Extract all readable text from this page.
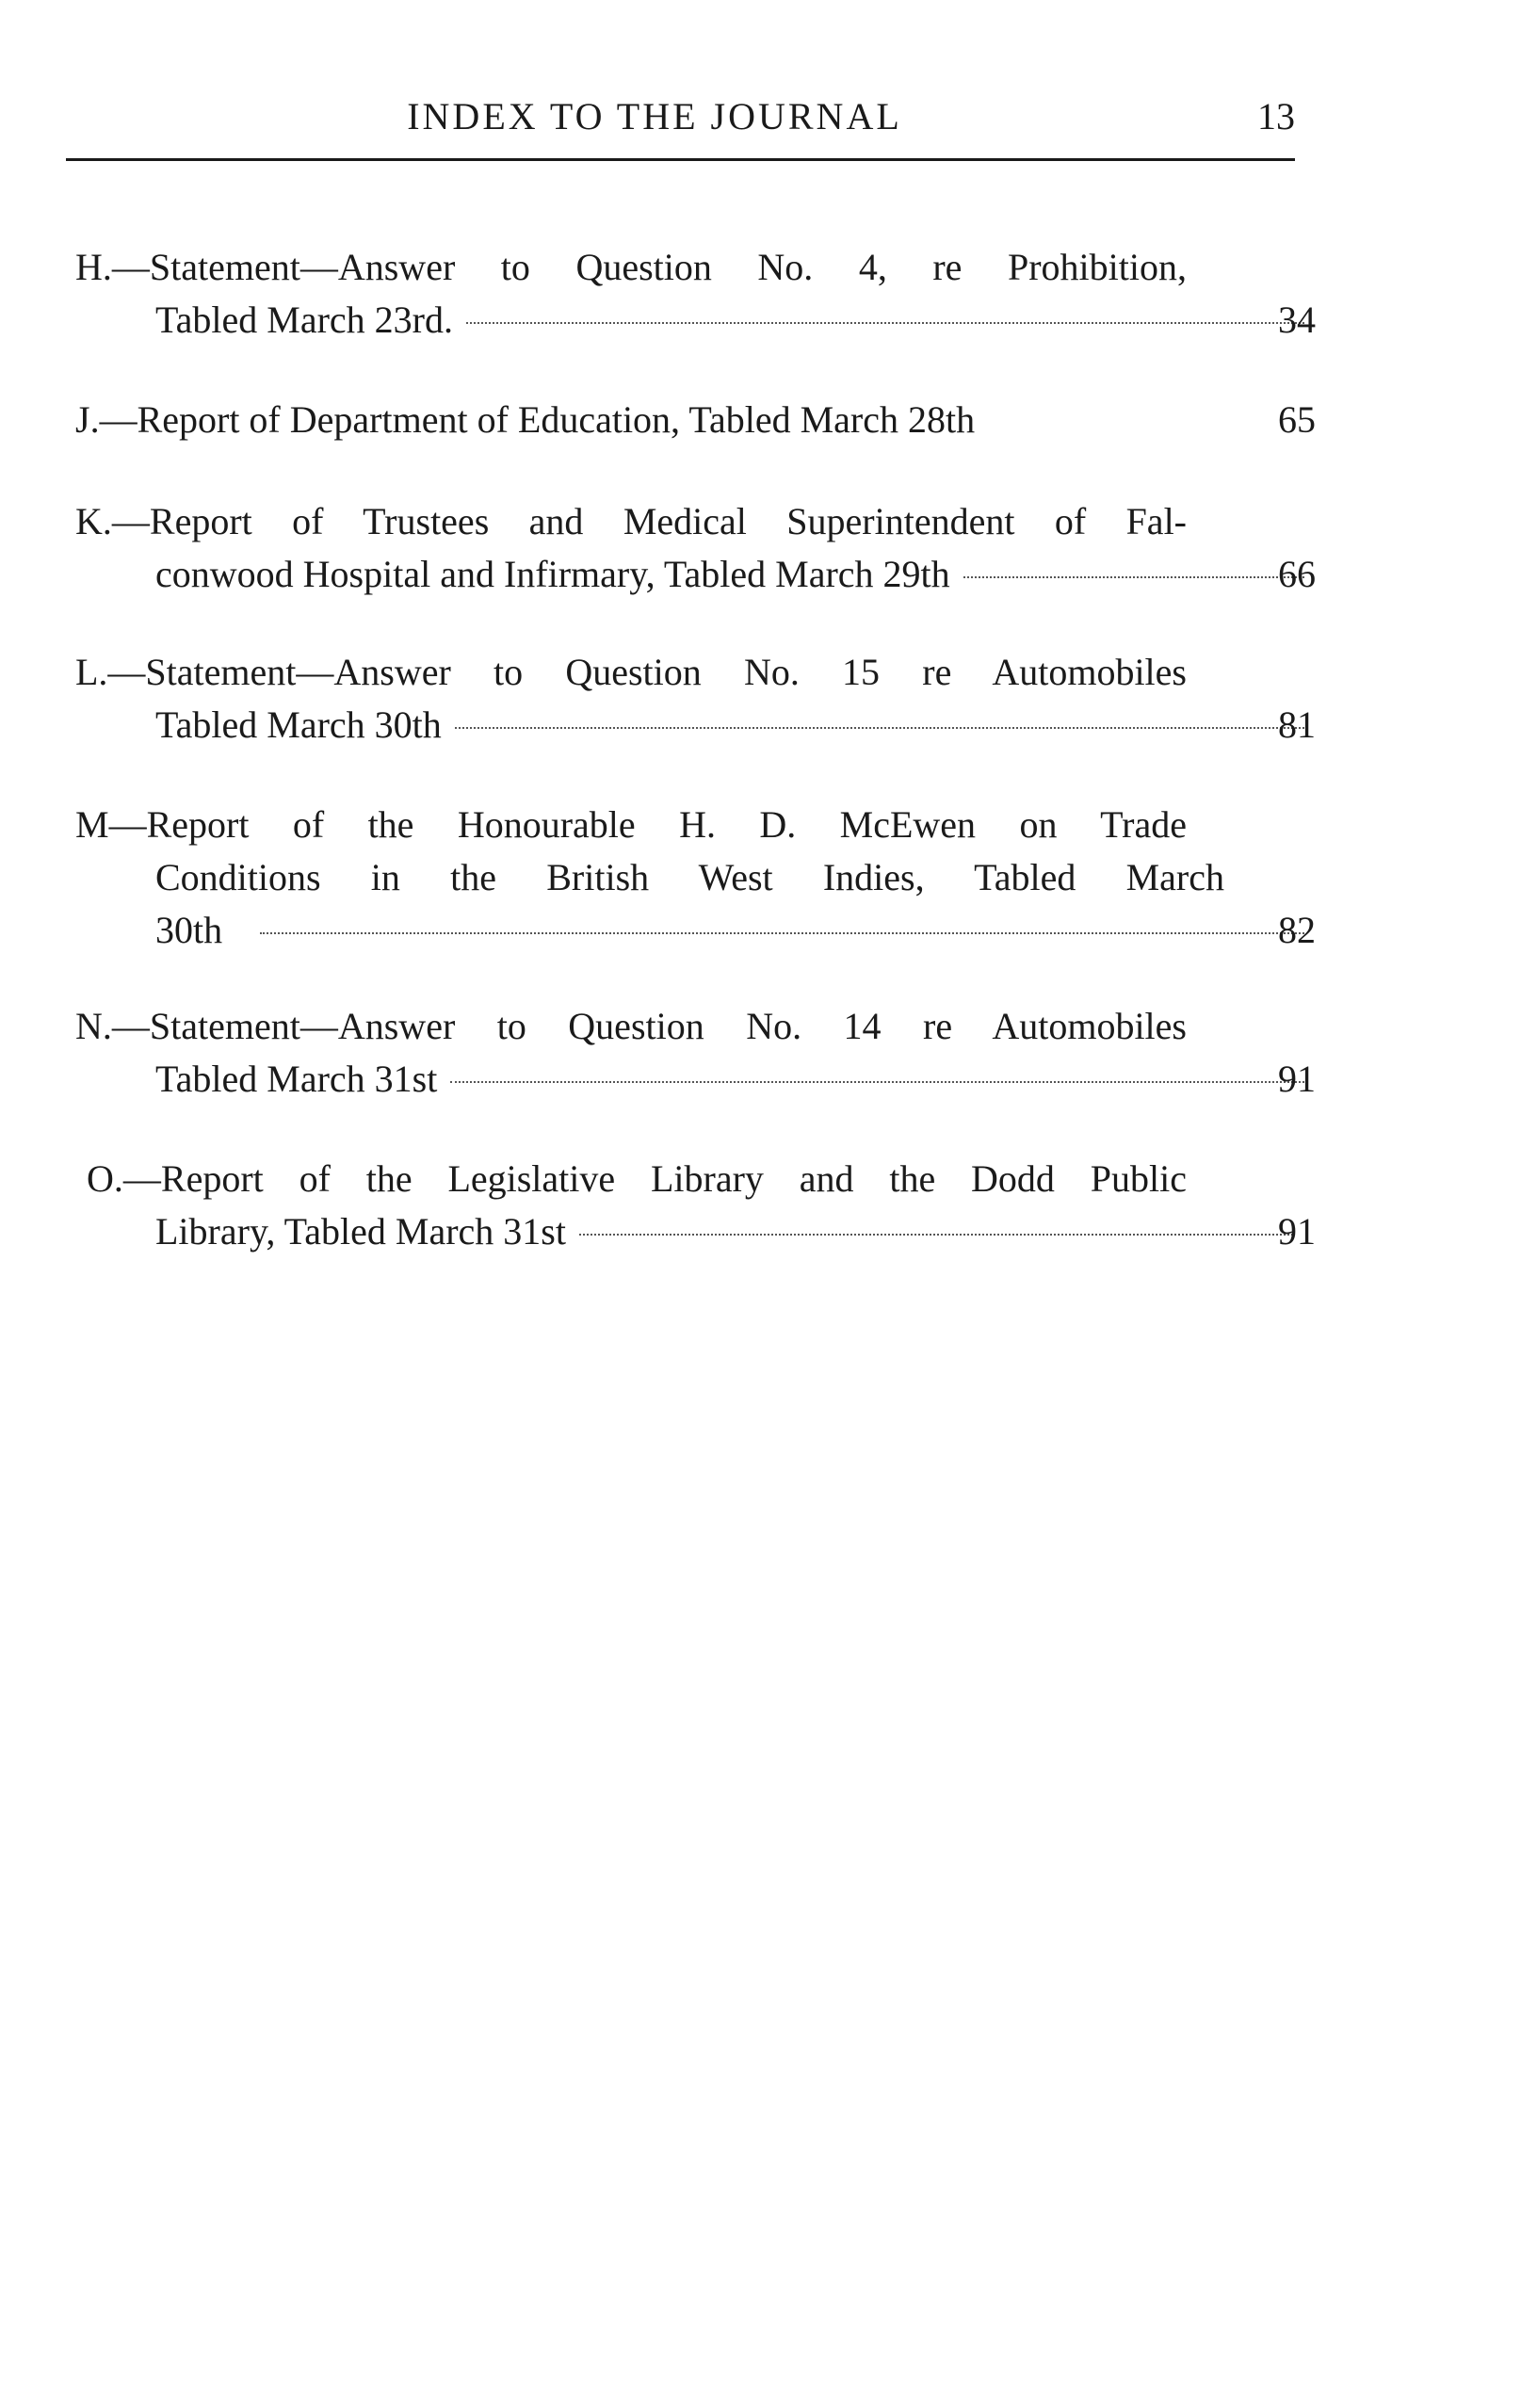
INDEX TO THE JOURNAL	13
H.—Statement—Answer to Question No. 4, re Prohibition,
Tabled March 23rd.	34
J.—Report of Department of Education, Tabled March 28th	65
K.—Report of Trustees and Medical Superintendent of Fal-
conwood Hospital and Infirmary, Tabled March 29th	66
L.—Statement—Answer to Question No. 15 re Automobiles
Tabled March 30th	81
M—Report of the Honourable H. D. McEwen on Trade
Conditions in the British West Indies, Tabled March
30th	82
N.—Statement—Answer to Question No. 14 re Automobiles
Tabled March 31st	91
O.—Report of the Legislative Library and the Dodd Public
Library, Tabled March 31st	91
